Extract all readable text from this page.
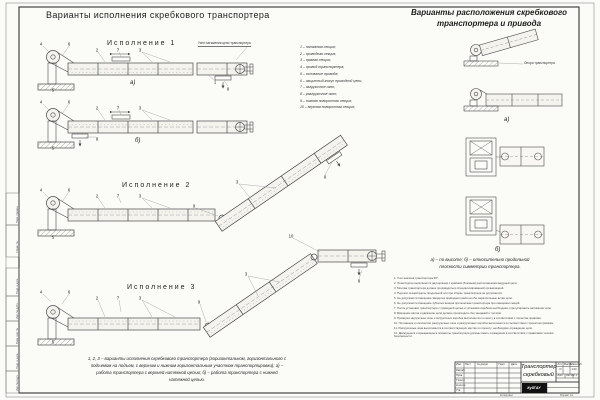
Варианты исполнения скребкового транспортера	Варианты расположения скребкового транспортера и привода
1 – натяжная секция;
2 – приводная секция;
3 – прямая секция;
4 – привод транспортера;
5 – основание привода;
6 – защитный кожух приводной цепи;
7 – загрузочное окно;
8 – разгрузочное окно;
9 – нижняя поворотная секция;
10 – верхняя поворотная секция;
Исполнение 1
Исполнение 2
Исполнение 3
Узел натяжения цепи транспортера
а)
б)
Опора транспортера
а)
б)
а) – по высоте; б) – относительно продольной
плоскости симметрии транспортера.
1. Угол наклона транспортера 30°.
2. Транспортер выполняется двухцепным с крайним (боковым) расположением ведущей цепи.
3. Монтаж транспортера должен производиться специализированной организацией.
4. Перекос секций вдоль продольной оси при сборке транспортера не допускается.
5. Не допускается смещение звездочек приводного вала на обе параллельные ветви цепи.
6. Не допускается смещение зубчатых венцов при монтаже транспортера при смещении секций.
7. После установки транспортера с приводной цепью и установки скребков необходимо отрегулировать натяжение цепи.
8. Вращение валов и движение цепи должно происходить без заеданий и толчков.
9. Проверка загрузочных окон и загрузочных коробок выполняется по месту в соответствии с проектом привязки.
10. Положение и количество разгрузочных окон и разгрузочных коробок выполняется в соответствии с проектом привязки.
11. Разгрузочные окна выполняются в соответствующих местах по проекту; необходимо ограждение цепи.
12. Движущиеся и вращающиеся элементы транспортера должны иметь ограждения в соответствии с правилами техники безопасности.
1, 2, 3 – варианты исполнения скребкового транспортера (горизонтальном, горизонтального с
подъемом на подъем, с верхним и нижним горизонтальным участком транспортировки); а) –
работа транспортера с верхней натяжной цепью; б) – работа транспортера с нижней
натяжной цепью.
4	6
2	7	3
5
1
8
4	6
2	7	3
5
8
4	6
2	7	3
5
9
3
8
4	6
2	7	3
5
9
3
10
8
Перв. примен.
Справ. №
Подп. и дата
Инв. № дубл.
Взам. инв. №
Подп. и дата
Инв. № подл.
Изм. Лист № докум.	Подп. Дата
Разраб.
Пров.
Т.контр.
Н.контр.
Утв.
Лит. Масса Масштаб
И	1:20
Лист Листов 1
Транспортер
скребковый
КубГАУ
Копировал	Формат А1
